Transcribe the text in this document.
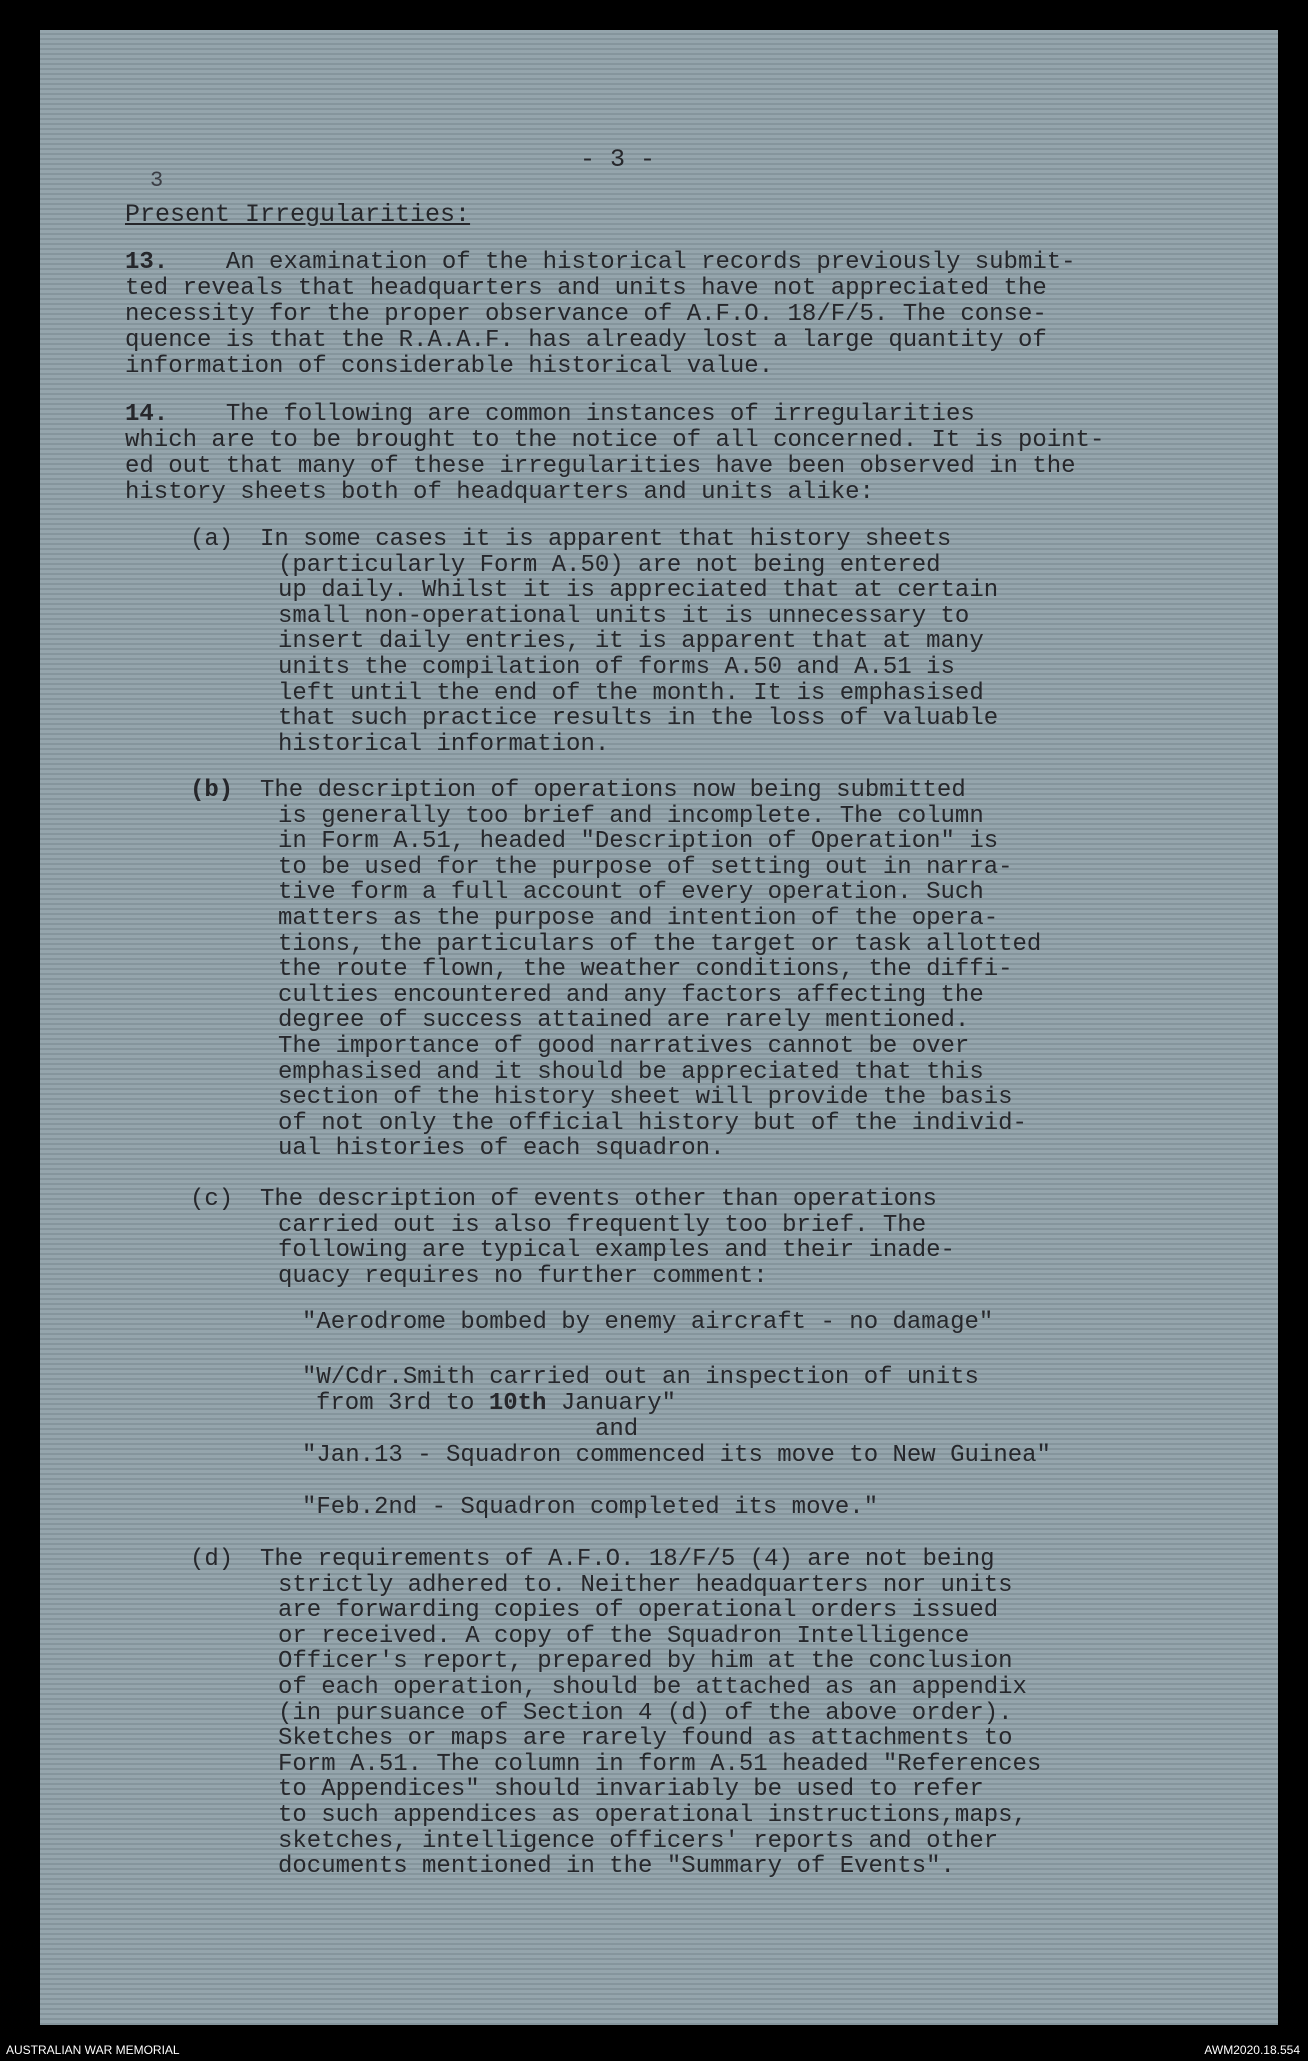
3
- 3 -
Present Irregularities:
13. An examination of the historical records previously submit-
ted reveals that headquarters and units have not appreciated the
necessity for the proper observance of A.F.O. 18/F/5. The conse-
quence is that the R.A.A.F. has already lost a large quantity of
information of considerable historical value.
14. The following are common instances of irregularities
which are to be brought to the notice of all concerned. It is point-
ed out that many of these irregularities have been observed in the
history sheets both of headquarters and units alike:
(a)	In some cases it is apparent that history sheets
(particularly Form A.50) are not being entered
up daily. Whilst it is appreciated that at certain
small non-operational units it is unnecessary to
insert daily entries, it is apparent that at many
units the compilation of forms A.50 and A.51 is
left until the end of the month. It is emphasised
that such practice results in the loss of valuable
historical information.
(b)	The description of operations now being submitted
is generally too brief and incomplete. The column
in Form A.51, headed "Description of Operation" is
to be used for the purpose of setting out in narra-
tive form a full account of every operation. Such
matters as the purpose and intention of the opera-
tions, the particulars of the target or task allotted
the route flown, the weather conditions, the diffi-
culties encountered and any factors affecting the
degree of success attained are rarely mentioned.
The importance of good narratives cannot be over
emphasised and it should be appreciated that this
section of the history sheet will provide the basis
of not only the official history but of the individ-
ual histories of each squadron.
(c)	The description of events other than operations
carried out is also frequently too brief. The
following are typical examples and their inade-
quacy requires no further comment:
"Aerodrome bombed by enemy aircraft - no damage"
"W/Cdr.Smith carried out an inspection of units
from 3rd to 10th January"
and
"Jan.13 - Squadron commenced its move to New Guinea"
"Feb.2nd - Squadron completed its move."
(d)	The requirements of A.F.O. 18/F/5 (4) are not being
strictly adhered to. Neither headquarters nor units
are forwarding copies of operational orders issued
or received. A copy of the Squadron Intelligence
Officer's report, prepared by him at the conclusion
of each operation, should be attached as an appendix
(in pursuance of Section 4 (d) of the above order).
Sketches or maps are rarely found as attachments to
Form A.51. The column in form A.51 headed "References
to Appendices" should invariably be used to refer
to such appendices as operational instructions,maps,
sketches, intelligence officers' reports and other
documents mentioned in the "Summary of Events".
AUSTRALIAN WAR MEMORIAL	AWM2020.18.554
